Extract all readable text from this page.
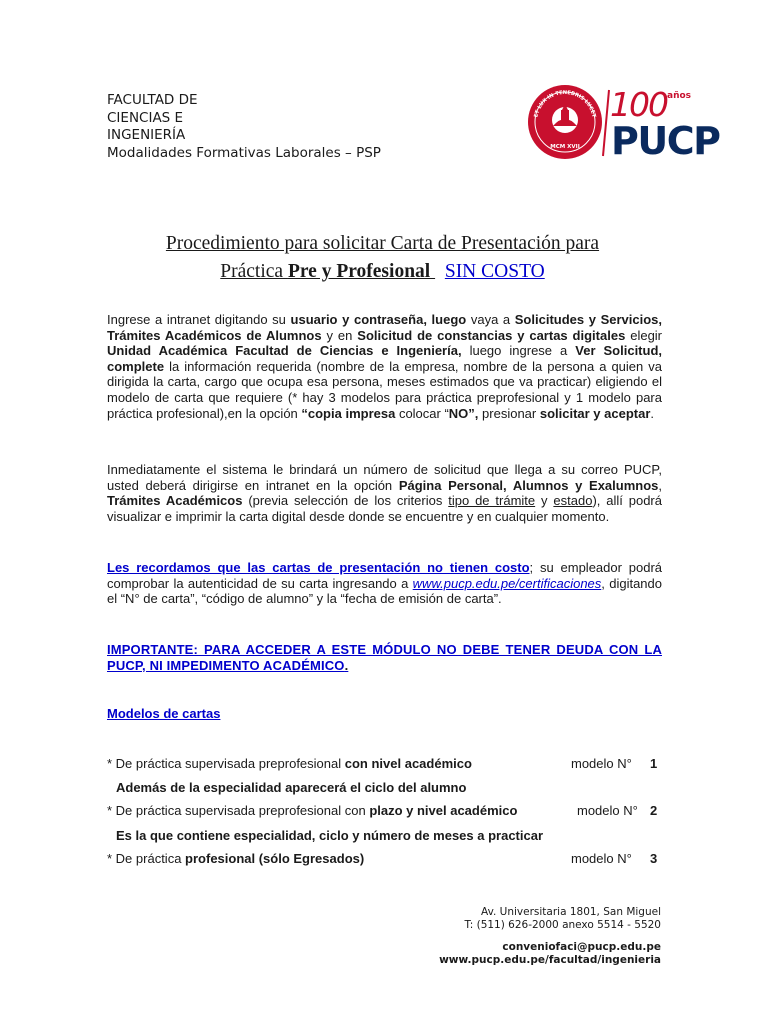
FACULTAD DE
CIENCIAS E
INGENIERÍA
Modalidades Formativas Laborales – PSP
ET LUX IN TENEBRIS LUCET
MCM XVII
100 años
PUCP
Procedimiento para solicitar Carta de Presentación para
Práctica Pre y Profesional   SIN COSTO
Ingrese a intranet digitando su usuario y contraseña, luego vaya a Solicitudes y Servicios, Trámites Académicos de Alumnos y en Solicitud de constancias y cartas digitales elegir Unidad Académica Facultad de Ciencias e Ingeniería, luego ingrese a Ver Solicitud, complete la información requerida (nombre de la empresa, nombre de la persona a quien va dirigida la carta, cargo que ocupa esa persona, meses estimados que va practicar) eligiendo el modelo de carta que requiere (* hay 3 modelos para práctica preprofesional y 1 modelo para práctica profesional),en la opción “copia impresa colocar “NO”, presionar solicitar y aceptar.
Inmediatamente el sistema le brindará un número de solicitud que llega a su correo PUCP, usted deberá dirigirse en intranet en la opción Página Personal, Alumnos y Exalumnos, Trámites Académicos (previa selección de los criterios tipo de trámite y estado), allí podrá visualizar e imprimir la carta digital desde donde se encuentre y en cualquier momento.
Les recordamos que las cartas de presentación no tienen costo; su empleador podrá comprobar la autenticidad de su carta ingresando a www.pucp.edu.pe/certificaciones, digitando el “N° de carta”, “código de alumno” y la “fecha de emisión de carta”.
IMPORTANTE: PARA ACCEDER A ESTE MÓDULO NO DEBE TENER DEUDA CON LA PUCP, NI IMPEDIMENTO ACADÉMICO.
Modelos de cartas
* De práctica supervisada preprofesional con nivel académico	modelo N° 1
Además de la especialidad aparecerá el ciclo del alumno
* De práctica supervisada preprofesional con plazo y nivel académico	modelo N° 2
Es la que contiene especialidad, ciclo y número de meses a practicar
* De práctica profesional (sólo Egresados)	modelo N° 3
Av. Universitaria 1801, San Miguel
T: (511) 626-2000 anexo 5514 - 5520
conveniofaci@pucp.edu.pe
www.pucp.edu.pe/facultad/ingenieria
